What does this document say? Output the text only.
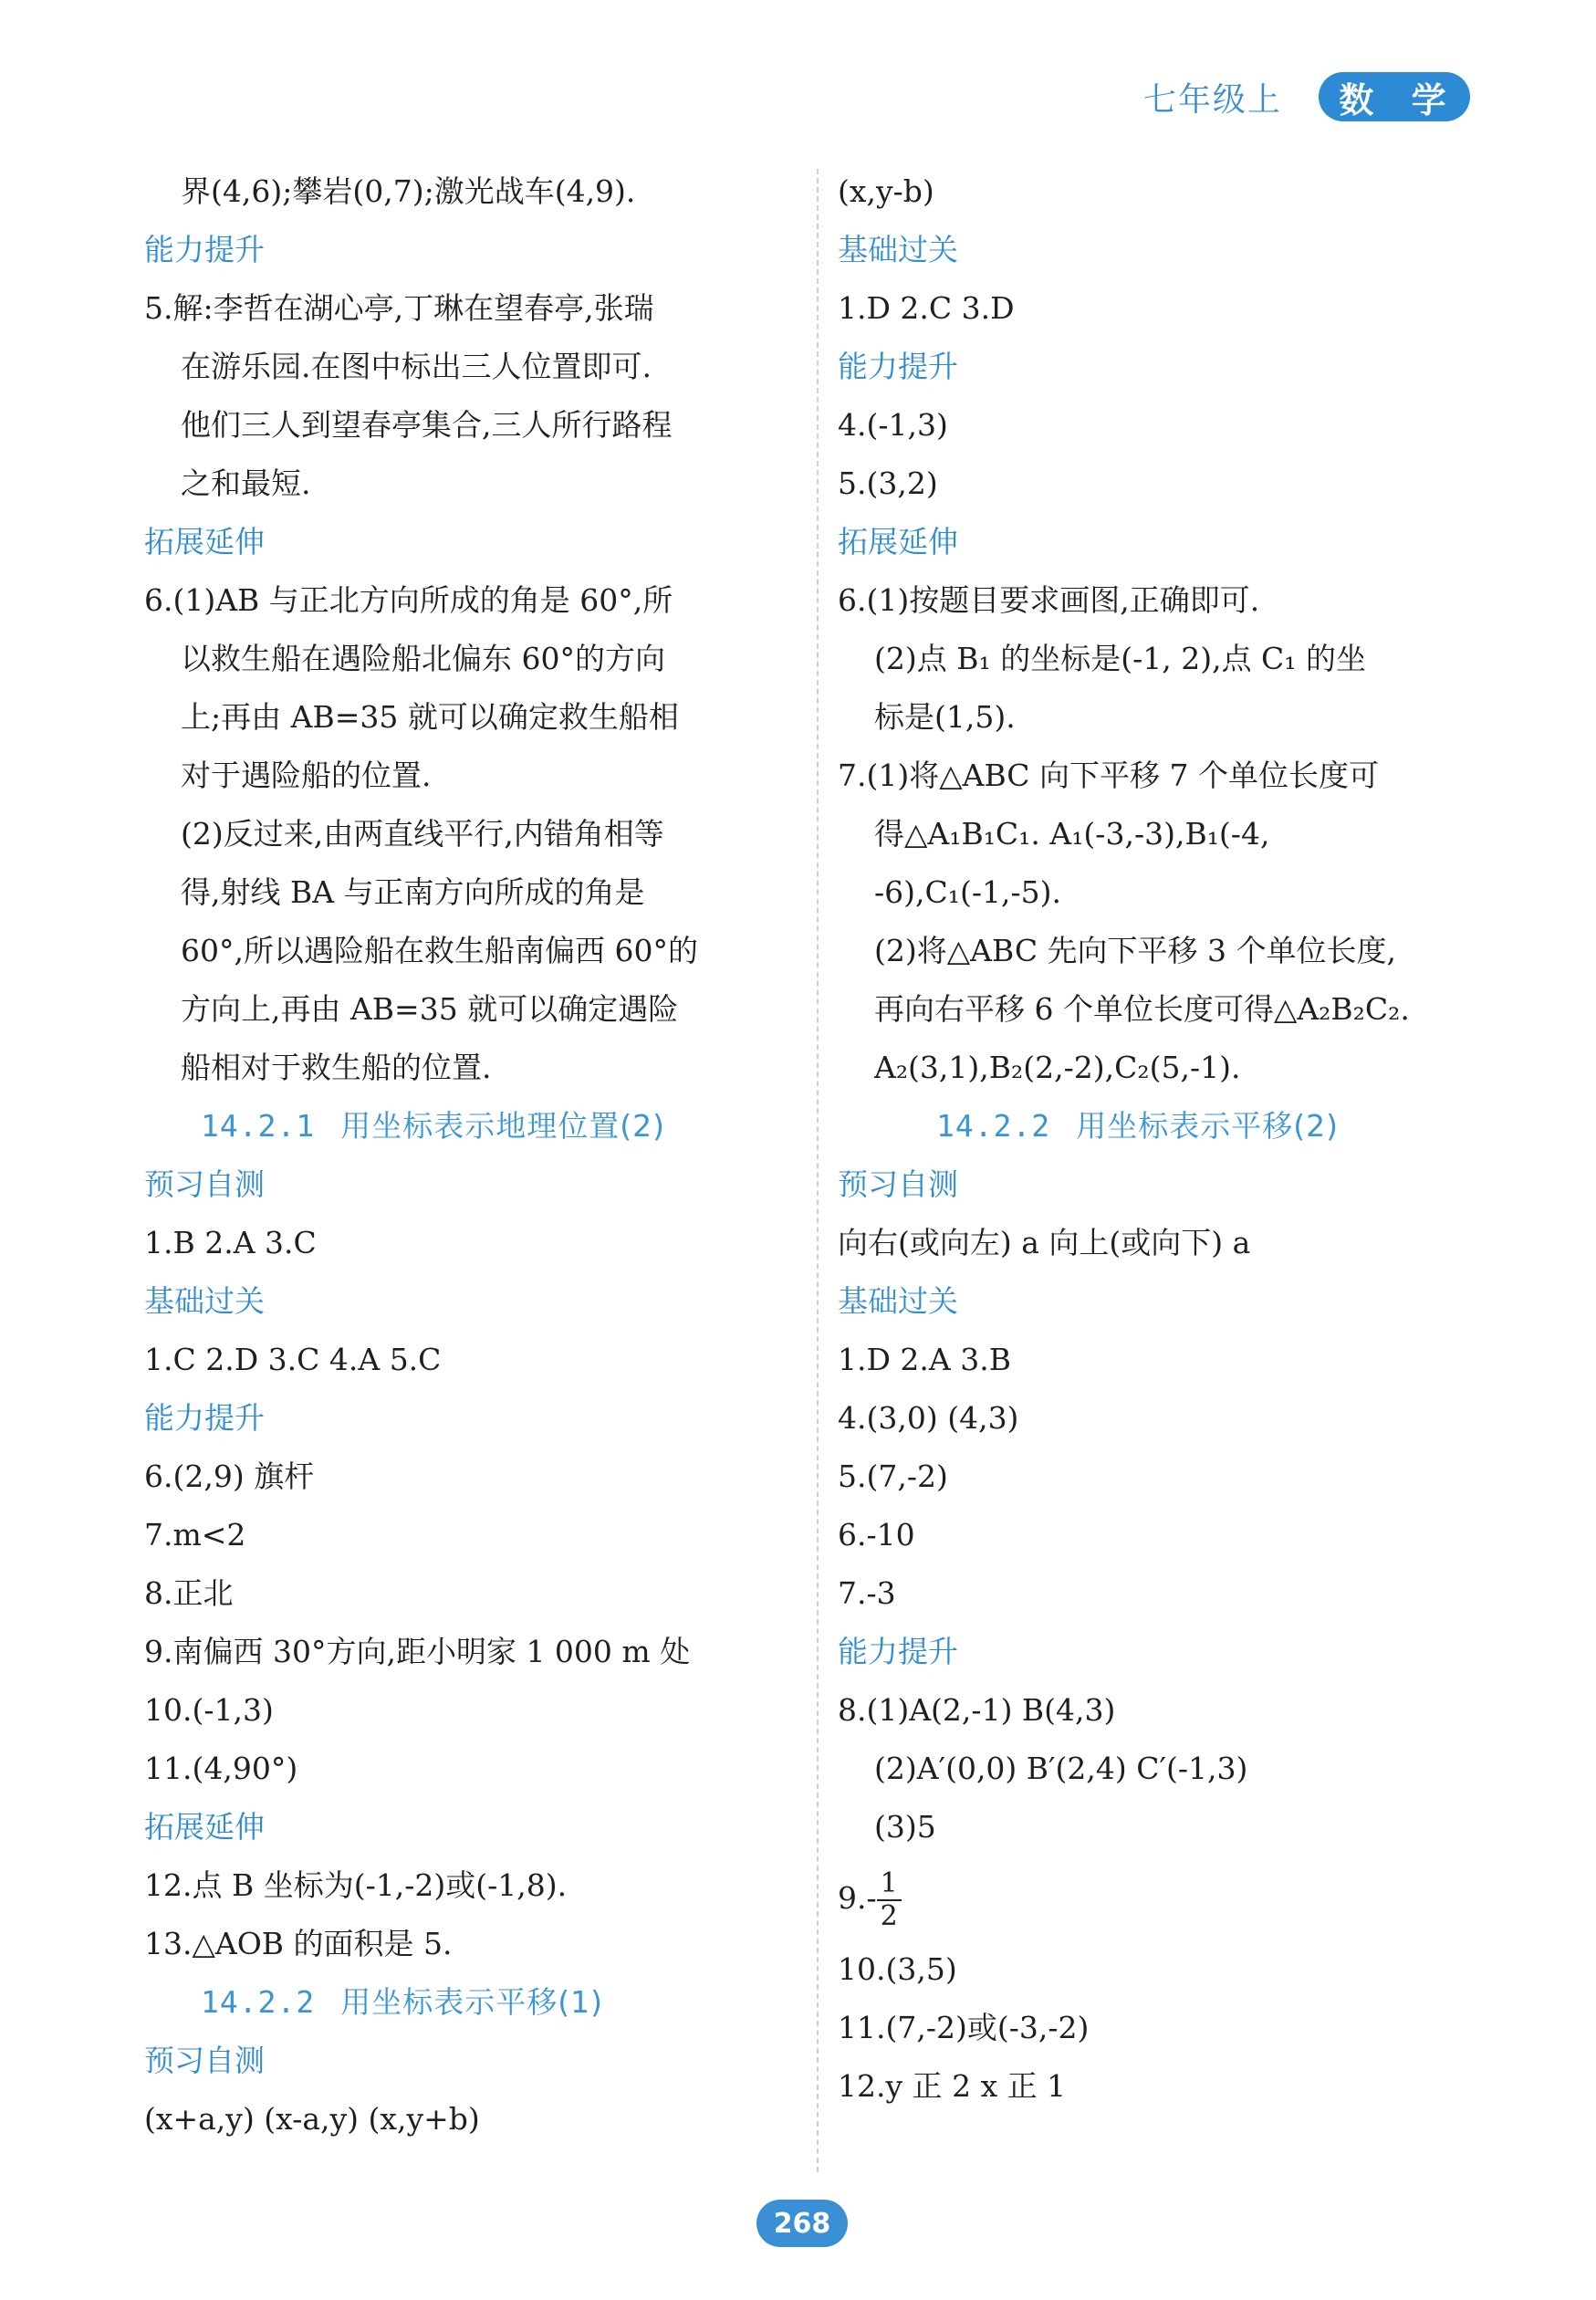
七年级上	数 学
界(4,6);攀岩(0,7);激光战车(4,9).
能力提升
5.解:李哲在湖心亭,丁琳在望春亭,张瑞
在游乐园.在图中标出三人位置即可.
他们三人到望春亭集合,三人所行路程
之和最短.
拓展延伸
6.(1)AB 与正北方向所成的角是 60°,所
以救生船在遇险船北偏东 60°的方向
上;再由 AB=35 就可以确定救生船相
对于遇险船的位置.
(2)反过来,由两直线平行,内错角相等
得,射线 BA 与正南方向所成的角是
60°,所以遇险船在救生船南偏西 60°的
方向上,再由 AB=35 就可以确定遇险
船相对于救生船的位置.
14.2.1 用坐标表示地理位置(2)
预习自测
1.B 2.A 3.C
基础过关
1.C 2.D 3.C 4.A 5.C
能力提升
6.(2,9) 旗杆
7.m<2
8.正北
9.南偏西 30°方向,距小明家 1 000 m 处
10.(-1,3)
11.(4,90°)
拓展延伸
12.点 B 坐标为(-1,-2)或(-1,8).
13.△AOB 的面积是 5.
14.2.2 用坐标表示平移(1)
预习自测
(x+a,y) (x-a,y) (x,y+b)
(x,y-b)
基础过关
1.D 2.C 3.D
能力提升
4.(-1,3)
5.(3,2)
拓展延伸
6.(1)按题目要求画图,正确即可.
(2)点 B₁ 的坐标是(-1, 2),点 C₁ 的坐
标是(1,5).
7.(1)将△ABC 向下平移 7 个单位长度可
得△A₁B₁C₁. A₁(-3,-3),B₁(-4,
-6),C₁(-1,-5).
(2)将△ABC 先向下平移 3 个单位长度,
再向右平移 6 个单位长度可得△A₂B₂C₂.
A₂(3,1),B₂(2,-2),C₂(5,-1).
14.2.2 用坐标表示平移(2)
预习自测
向右(或向左) a 向上(或向下) a
基础过关
1.D 2.A 3.B
4.(3,0) (4,3)
5.(7,-2)
6.-10
7.-3
能力提升
8.(1)A(2,-1) B(4,3)
(2)A′(0,0) B′(2,4) C′(-1,3)
(3)5
$9.- \frac{1}{2}$
10.(3,5)
11.(7,-2)或(-3,-2)
12.y 正 2 x 正 1
268
